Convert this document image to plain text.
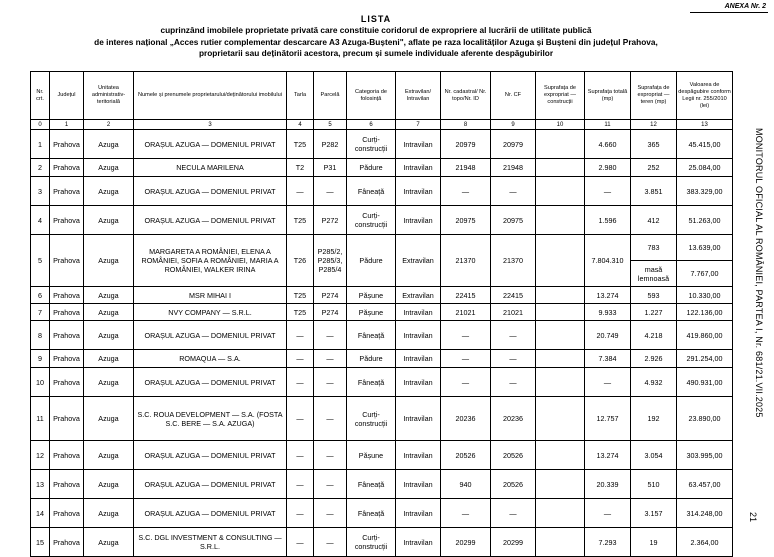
ANEXA Nr. 2
LISTA
cuprinzând imobilele proprietate privată care constituie coridorul de expropriere al lucrării de utilitate publică
de interes național „Acces rutier complementar descarcare A3 Azuga-Bușteni", aflate pe raza localităților Azuga și Bușteni din județul Prahova,
proprietarii sau deținătorii acestora, precum și sumele individuale aferente despăgubirilor
Nr. crt.	Județul	Unitatea administrativ-teritorială	Numele și prenumele proprietarului/deținătorului imobilului	Tarla	Parcelă	Categoria de folosință	Extravilan/ Intravilan	Nr. cadastral/ Nr. topo/Nr. ID	Nr. CF	Suprafața de expropriat — construcții	Suprafața totală (mp)	Suprafața de expropriat — teren (mp)	Valoarea de despăgubire conform Legii nr. 255/2010 (lei)
0	1	2	3	4	5	6	7	8	9	10	11	12	13
1	Prahova	Azuga	ORAȘUL AZUGA — DOMENIUL PRIVAT	T25	P282	Curți-construcții	Intravilan	20979	20979		4.660	365	45.415,00
2	Prahova	Azuga	NECULA MARILENA	T2	P31	Pădure	Intravilan	21948	21948		2.980	252	25.084,00
3	Prahova	Azuga	ORAȘUL AZUGA — DOMENIUL PRIVAT	—	—	Fâneață	Intravilan	—	—		—	3.851	383.329,00
4	Prahova	Azuga	ORAȘUL AZUGA — DOMENIUL PRIVAT	T25	P272	Curți-construcții	Intravilan	20975	20975		1.596	412	51.263,00
5	Prahova	Azuga	MARGARETA A ROMÂNIEI, ELENA A ROMÂNIEI, SOFIA A ROMÂNIEI, MARIA A ROMÂNIEI, WALKER IRINA	T26	P285/2, P285/3, P285/4	Pădure	Extravilan	21370	21370		7.804.310	783	13.639,00
												masă lemnoasă	7.767,00
6	Prahova	Azuga	MSR MIHAI I	T25	P274	Pășune	Extravilan	22415	22415		13.274	593	10.330,00
7	Prahova	Azuga	NVY COMPANY — S.R.L.	T25	P274	Pășune	Intravilan	21021	21021		9.933	1.227	122.136,00
8	Prahova	Azuga	ORAȘUL AZUGA — DOMENIUL PRIVAT	—	—	Fâneață	Intravilan	—	—		20.749	4.218	419.860,00
9	Prahova	Azuga	ROMAQUA — S.A.	—	—	Pădure	Intravilan	—	—		7.384	2.926	291.254,00
10	Prahova	Azuga	ORAȘUL AZUGA — DOMENIUL PRIVAT	—	—	Fâneață	Intravilan	—	—		—	4.932	490.931,00
11	Prahova	Azuga	S.C. ROUA DEVELOPMENT — S.A. (FOSTA S.C. BERE — S.A. AZUGA)	—	—	Curți-construcții	Intravilan	20236	20236		12.757	192	23.890,00
12	Prahova	Azuga	ORAȘUL AZUGA — DOMENIUL PRIVAT	—	—	Pășune	Intravilan	20526	20526		13.274	3.054	303.995,00
13	Prahova	Azuga	ORAȘUL AZUGA — DOMENIUL PRIVAT	—	—	Fâneață	Intravilan	940	20526		20.339	510	63.457,00
14	Prahova	Azuga	ORAȘUL AZUGA — DOMENIUL PRIVAT	—	—	Fâneață	Intravilan	—	—		—	3.157	314.248,00
15	Prahova	Azuga	S.C. DGL INVESTMENT & CONSULTING — S.R.L.	—	—	Curți-construcții	Intravilan	20299	20299		7.293	19	2.364,00
MONITORUL OFICIAL AL ROMÂNIEI, PARTEA I, Nr. 681/21.VII.2025
21
